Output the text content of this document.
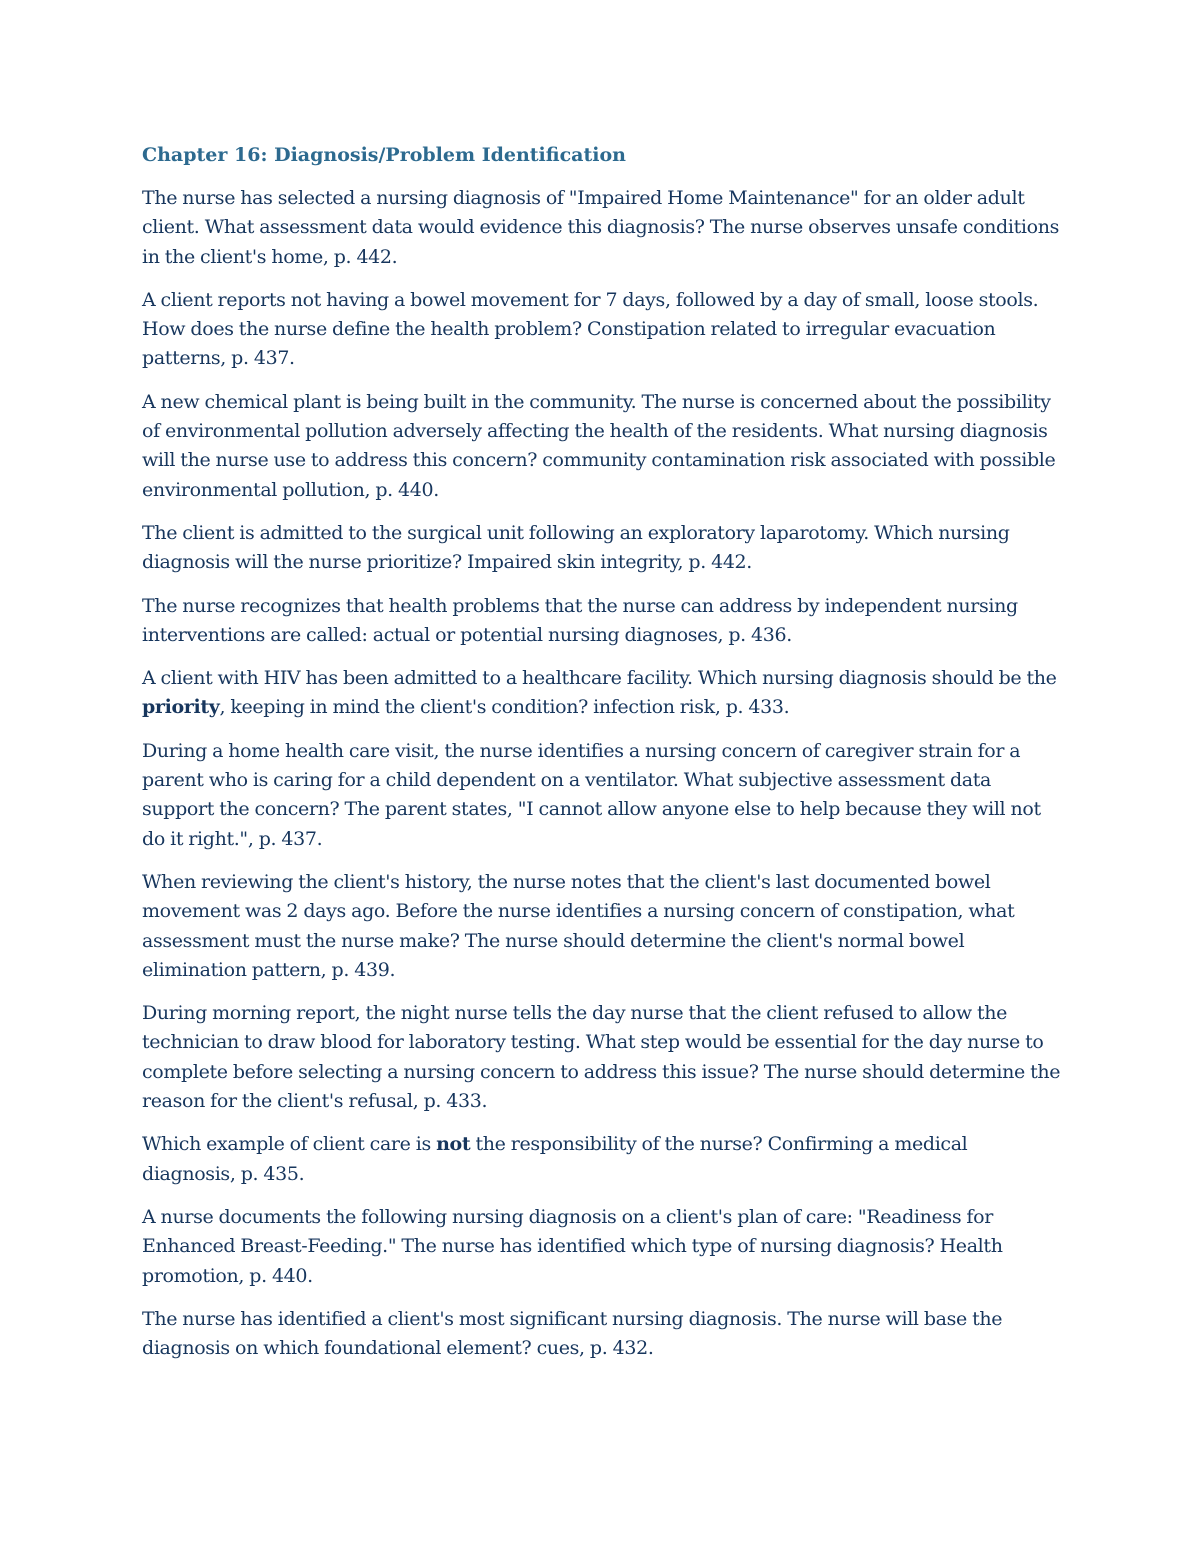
Chapter 16: Diagnosis/Problem Identification

The nurse has selected a nursing diagnosis of "Impaired Home Maintenance" for an older adult client. What assessment data would evidence this diagnosis? The nurse observes unsafe conditions in the client's home, p. 442.

A client reports not having a bowel movement for 7 days, followed by a day of small, loose stools. How does the nurse define the health problem? Constipation related to irregular evacuation patterns, p. 437.

A new chemical plant is being built in the community. The nurse is concerned about the possibility of environmental pollution adversely affecting the health of the residents. What nursing diagnosis will the nurse use to address this concern? community contamination risk associated with possible environmental pollution, p. 440.

The client is admitted to the surgical unit following an exploratory laparotomy. Which nursing diagnosis will the nurse prioritize? Impaired skin integrity, p. 442.

The nurse recognizes that health problems that the nurse can address by independent nursing interventions are called: actual or potential nursing diagnoses, p. 436.

A client with HIV has been admitted to a healthcare facility. Which nursing diagnosis should be the priority, keeping in mind the client's condition? infection risk, p. 433.

During a home health care visit, the nurse identifies a nursing concern of caregiver strain for a parent who is caring for a child dependent on a ventilator. What subjective assessment data support the concern? The parent states, "I cannot allow anyone else to help because they will not do it right.", p. 437.

When reviewing the client's history, the nurse notes that the client's last documented bowel movement was 2 days ago. Before the nurse identifies a nursing concern of constipation, what assessment must the nurse make? The nurse should determine the client's normal bowel elimination pattern, p. 439.

During morning report, the night nurse tells the day nurse that the client refused to allow the technician to draw blood for laboratory testing. What step would be essential for the day nurse to complete before selecting a nursing concern to address this issue? The nurse should determine the reason for the client's refusal, p. 433.

Which example of client care is not the responsibility of the nurse? Confirming a medical diagnosis, p. 435.

A nurse documents the following nursing diagnosis on a client's plan of care: "Readiness for Enhanced Breast-Feeding." The nurse has identified which type of nursing diagnosis? Health promotion, p. 440.

The nurse has identified a client's most significant nursing diagnosis. The nurse will base the diagnosis on which foundational element? cues, p. 432.
